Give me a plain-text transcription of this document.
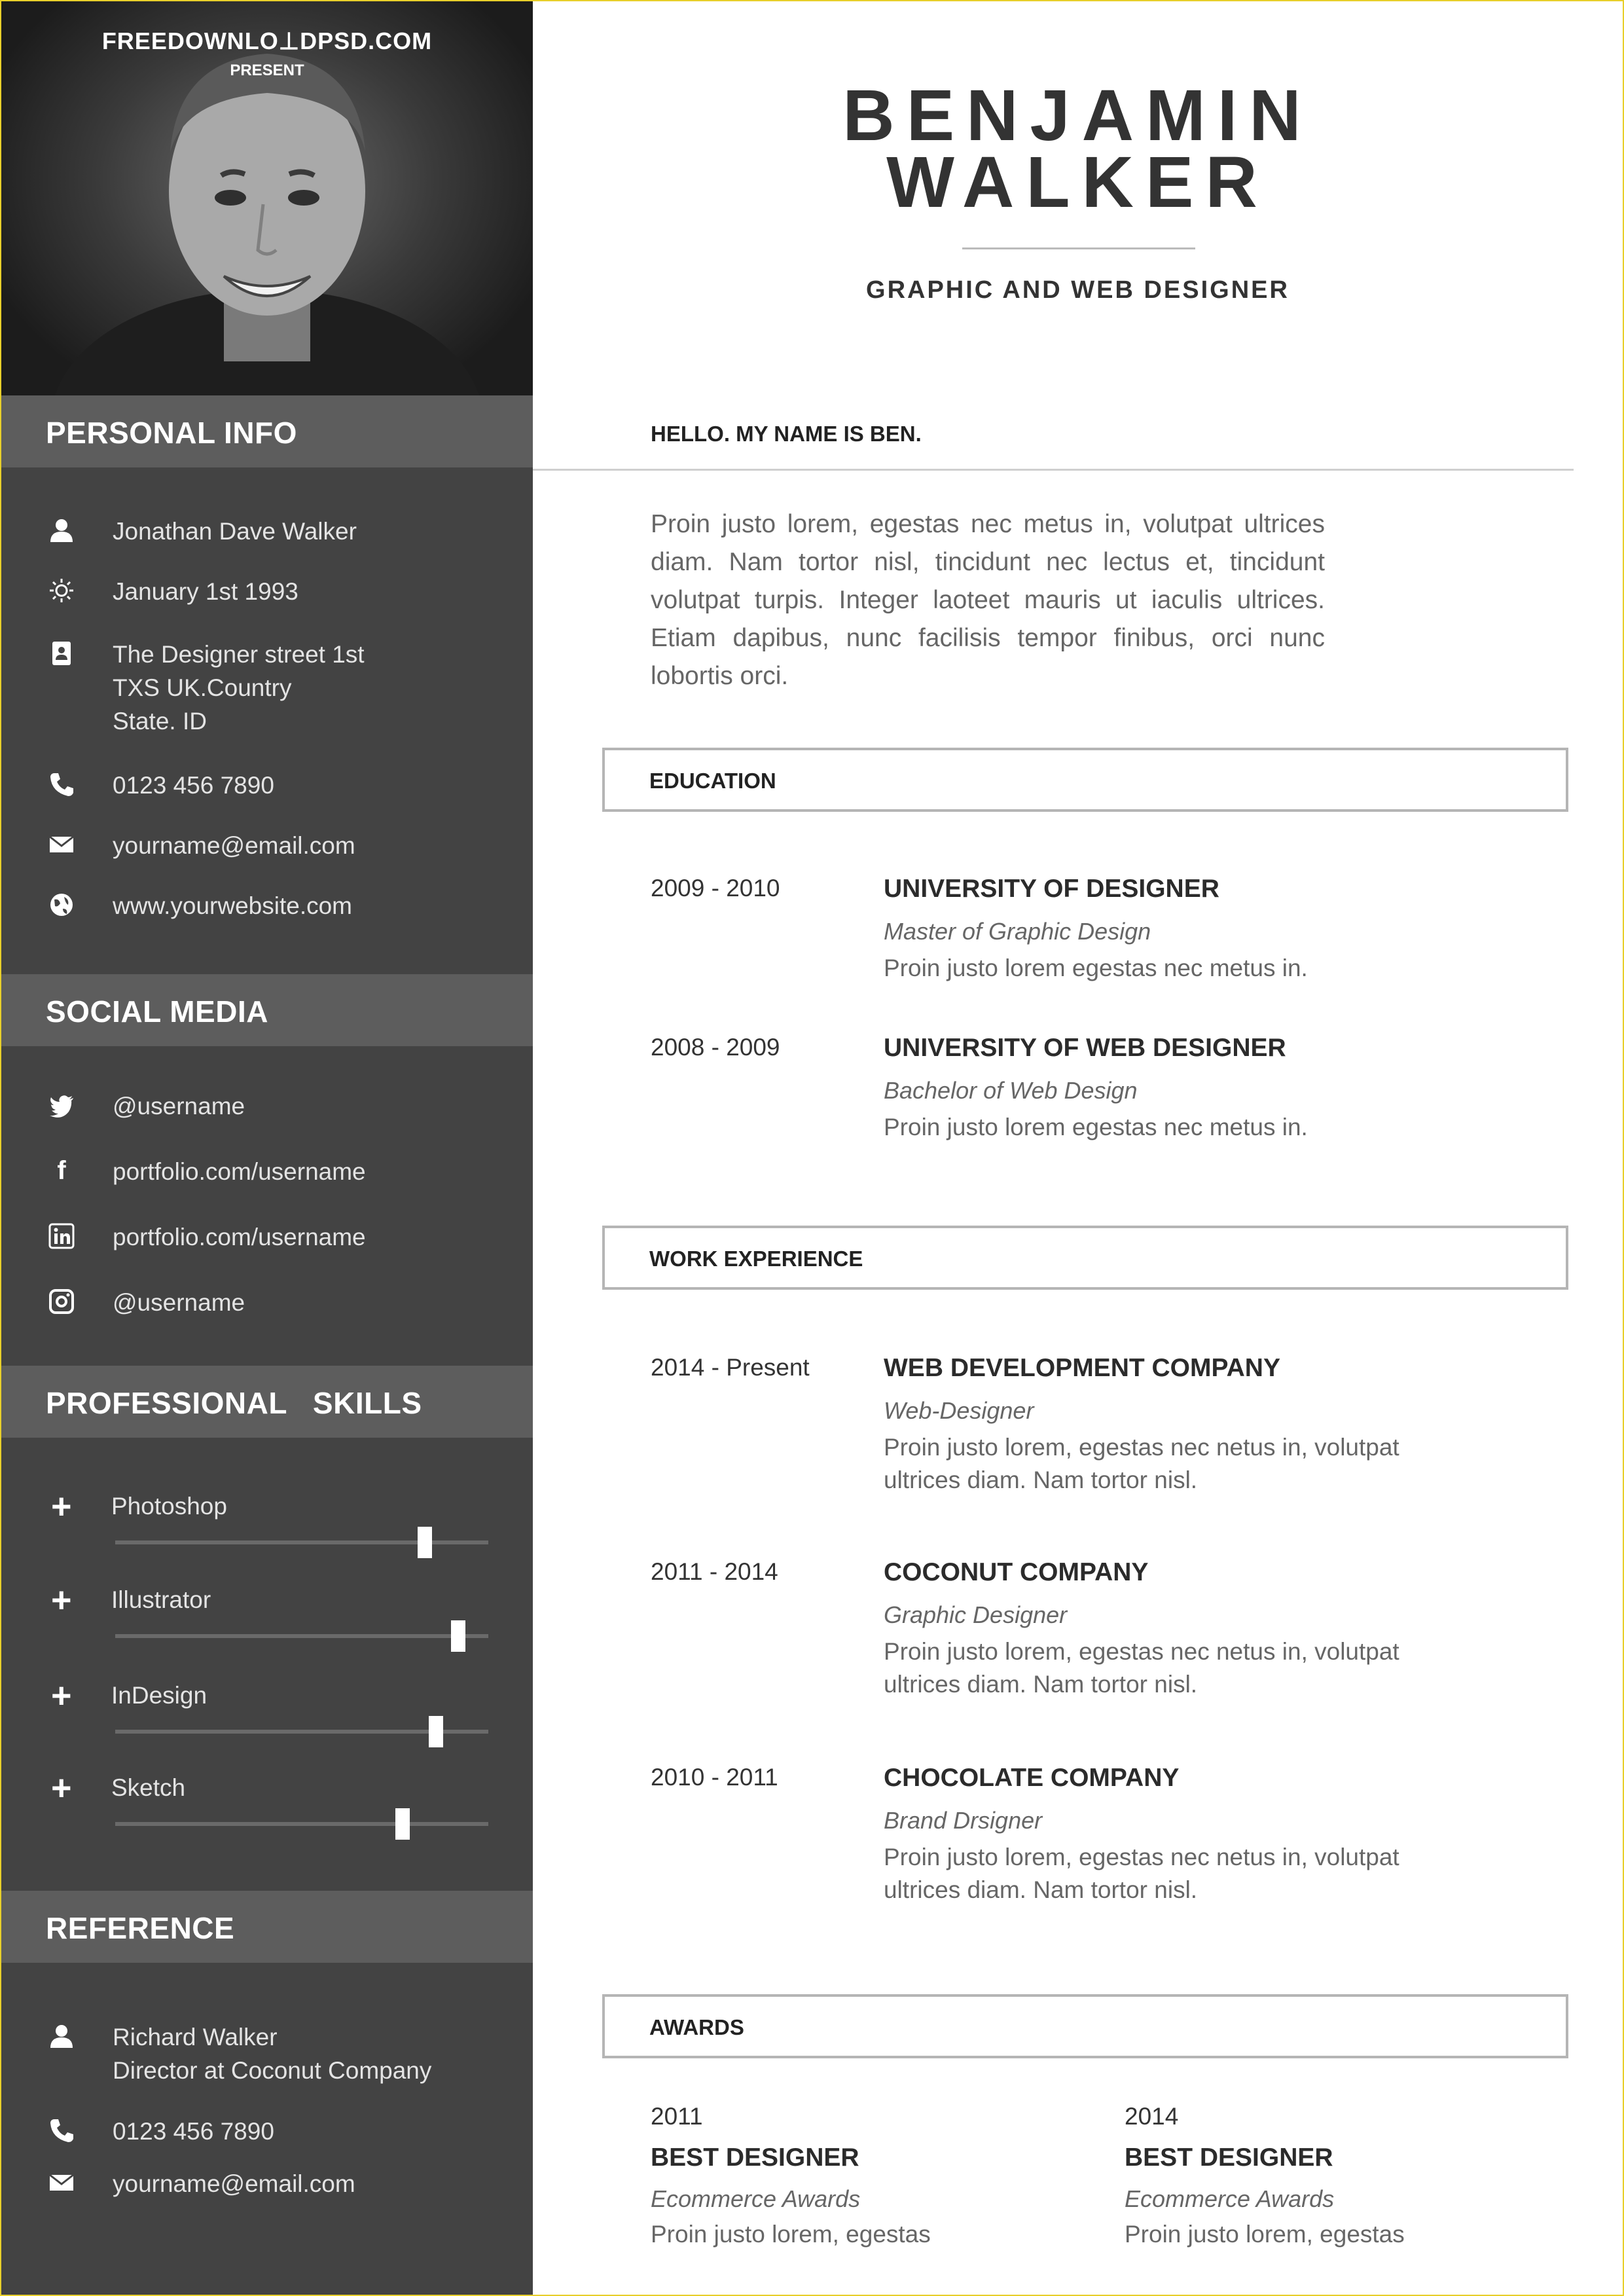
FREEDOWNLO⊥DPSD.COM
PRESENT
PERSONAL INFO
Jonathan Dave Walker
January 1st 1993
The Designer street 1st
TXS UK.Country
State. ID
0123 456 7890
yourname@email.com
www.yourwebsite.com
SOCIAL MEDIA
@username
f	portfolio.com/username
portfolio.com/username
@username
PROFESSIONAL   SKILLS
+ Photoshop
+ Illustrator
+ InDesign
+ Sketch
REFERENCE
Richard Walker
Director at Coconut Company
0123 456 7890
yourname@email.com
BENJAMIN
WALKER
GRAPHIC AND WEB DESIGNER
HELLO. MY NAME IS BEN.
Proin justo lorem, egestas nec metus in, volutpat ultrices diam. Nam tortor nisl, tincidunt nec lectus et, tincidunt volutpat turpis. Integer laoteet mauris ut iaculis ultrices. Etiam dapibus, nunc facilisis tempor finibus, orci nunc lobortis orci.
EDUCATION
2009 - 2010	UNIVERSITY OF DESIGNER
Master of Graphic Design
Proin justo lorem egestas nec metus in.
2008 - 2009	UNIVERSITY OF WEB DESIGNER
Bachelor of Web Design
Proin justo lorem egestas nec metus in.
WORK EXPERIENCE
2014 - Present	WEB DEVELOPMENT COMPANY
Web-Designer
Proin justo lorem, egestas nec netus in, volutpat ultrices diam. Nam tortor nisl.
2011 - 2014	COCONUT COMPANY
Graphic Designer
Proin justo lorem, egestas nec netus in, volutpat ultrices diam. Nam tortor nisl.
2010 - 2011	CHOCOLATE COMPANY
Brand Drsigner
Proin justo lorem, egestas nec netus in, volutpat ultrices diam. Nam tortor nisl.
AWARDS
2011
BEST DESIGNER
Ecommerce Awards
Proin justo lorem, egestas
2014
BEST DESIGNER
Ecommerce Awards
Proin justo lorem, egestas
